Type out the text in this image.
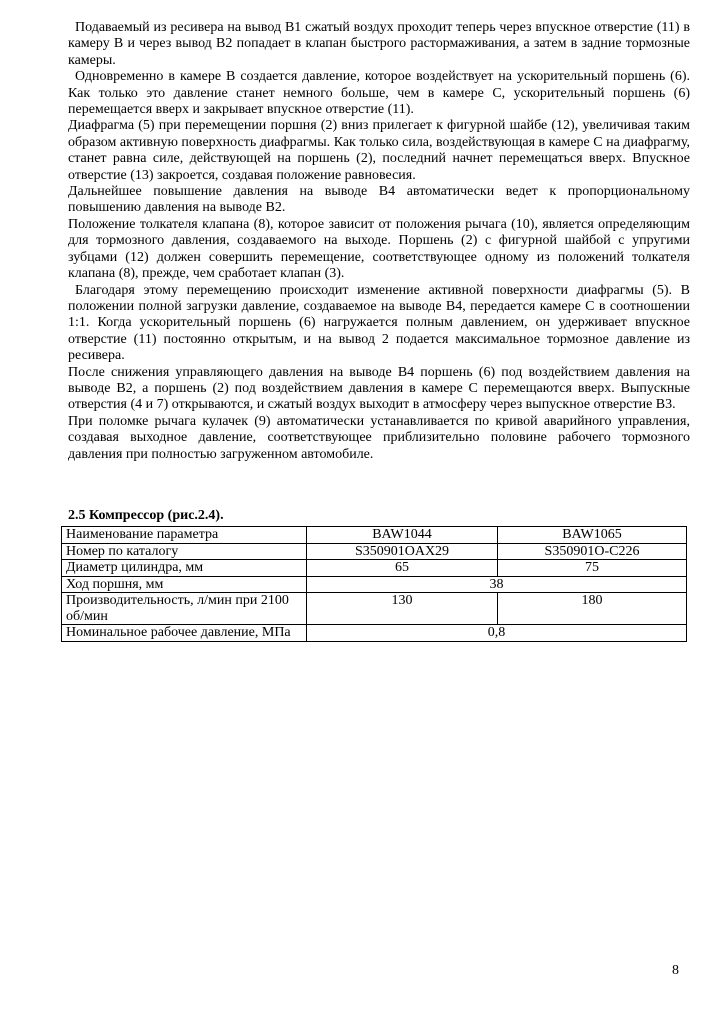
Подаваемый из ресивера на вывод В1 сжатый воздух проходит теперь через впускное отверстие (11) в камеру В и через вывод В2 попадает в клапан быстрого растормаживания, а затем в задние тормозные камеры.

Одновременно в камере В создается давление, которое воздействует на ускорительный поршень (6). Как только это давление станет немного больше, чем в камере С, ускорительный поршень (6) перемещается вверх и закрывает впускное отверстие (11).

Диафрагма (5) при перемещении поршня (2) вниз прилегает к фигурной шайбе (12), увеличивая таким образом активную поверхность диафрагмы. Как только сила, воздействующая в камере С на диафрагму, станет равна силе, действующей на поршень (2), последний начнет перемещаться вверх. Впускное отверстие (13) закроется, создавая положение равновесия.

Дальнейшее повышение давления на выводе В4 автоматически ведет к пропорциональному повышению давления на выводе В2.

Положение толкателя клапана (8), которое зависит от положения рычага (10), является определяющим для тормозного давления, создаваемого на выходе. Поршень (2) с фигурной шайбой с упругими зубцами (12) должен совершить перемещение, соответствующее одному из положений толкателя клапана (8), прежде, чем сработает клапан (3).

Благодаря этому перемещению происходит изменение активной поверхности диафрагмы (5). В положении полной загрузки давление, создаваемое на выводе В4, передается камере С в соотношении 1:1. Когда ускорительный поршень (6) нагружается полным давлением, он удерживает впускное отверстие (11) постоянно открытым, и на вывод 2 подается максимальное тормозное давление из ресивера.

После снижения управляющего давления на выводе В4 поршень (6) под воздействием давления на выводе В2, а поршень (2) под воздействием давления в камере С перемещаются вверх. Выпускные отверстия (4 и 7) открываются, и сжатый воздух выходит в атмосферу через выпускное отверстие В3.

При поломке рычага кулачек (9) автоматически устанавливается по кривой аварийного управления, создавая выходное давление, соответствующее приблизительно половине рабочего тормозного давления при полностью загруженном автомобиле.

2.5 Компрессор (рис.2.4).
Наименование параметра	BAW1044	BAW1065
Номер по каталогу	S350901OAX29	S350901O-C226
Диаметр цилиндра, мм	65	75
Ход поршня, мм	38	
Производительность, л/мин при 2100 об/мин	130	180
Номинальное рабочее давление, МПа	0,8	
8
